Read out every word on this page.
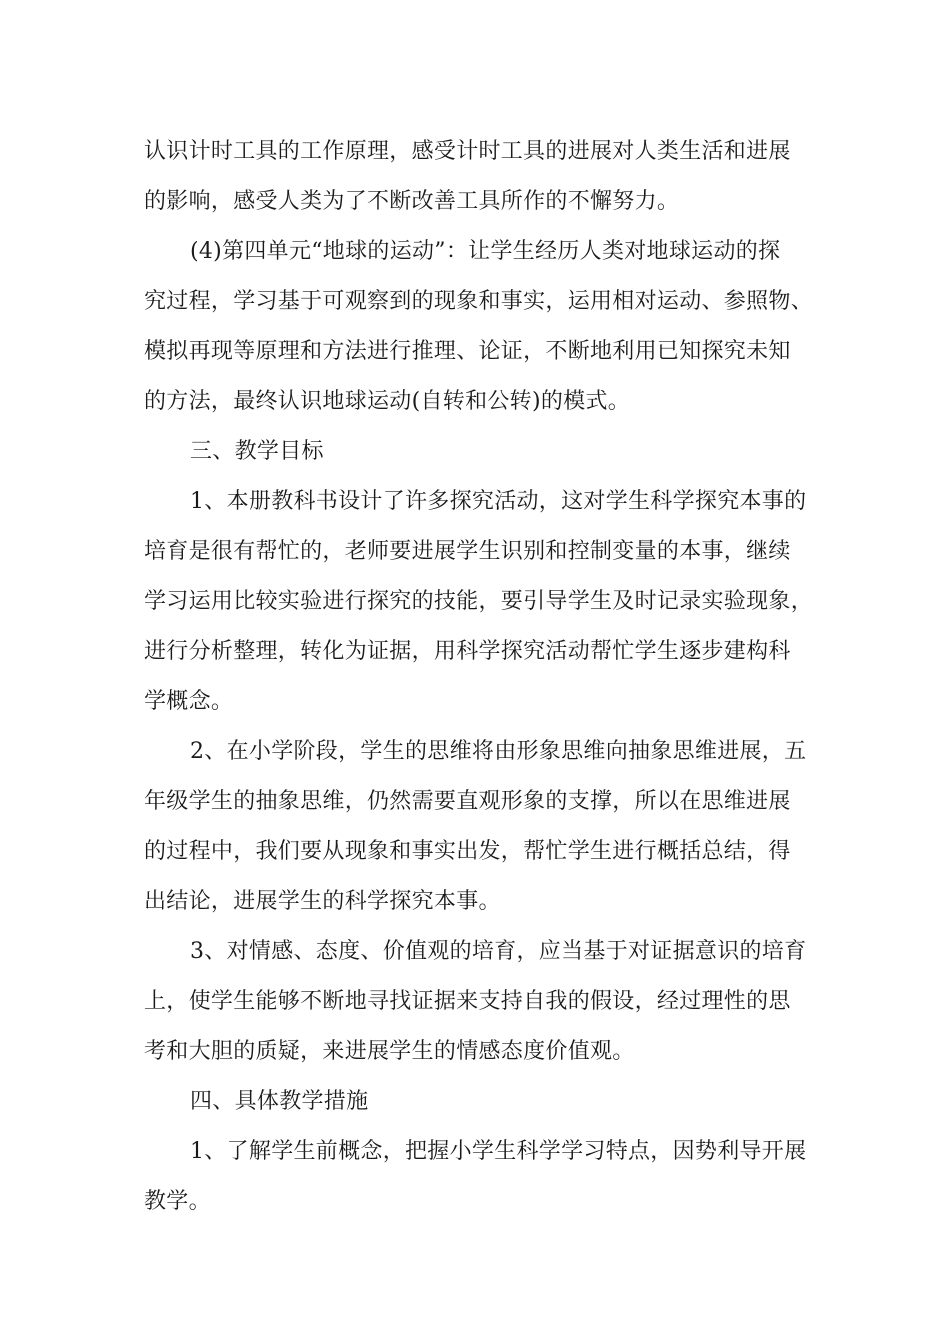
认识计时工具的工作原理，感受计时工具的进展对人类生活和进展
的影响，感受人类为了不断改善工具所作的不懈努力。
(4)第四单元“地球的运动”：让学生经历人类对地球运动的探
究过程，学习基于可观察到的现象和事实，运用相对运动、参照物、
模拟再现等原理和方法进行推理、论证，不断地利用已知探究未知
的方法，最终认识地球运动(自转和公转)的模式。
三、教学目标
1、本册教科书设计了许多探究活动，这对学生科学探究本事的
培育是很有帮忙的，老师要进展学生识别和控制变量的本事，继续
学习运用比较实验进行探究的技能，要引导学生及时记录实验现象，
进行分析整理，转化为证据，用科学探究活动帮忙学生逐步建构科
学概念。
2、在小学阶段，学生的思维将由形象思维向抽象思维进展，五
年级学生的抽象思维，仍然需要直观形象的支撑，所以在思维进展
的过程中，我们要从现象和事实出发，帮忙学生进行概括总结，得
出结论，进展学生的科学探究本事。
3、对情感、态度、价值观的培育，应当基于对证据意识的培育
上，使学生能够不断地寻找证据来支持自我的假设，经过理性的思
考和大胆的质疑，来进展学生的情感态度价值观。
四、具体教学措施
1、了解学生前概念，把握小学生科学学习特点，因势利导开展
教学。
